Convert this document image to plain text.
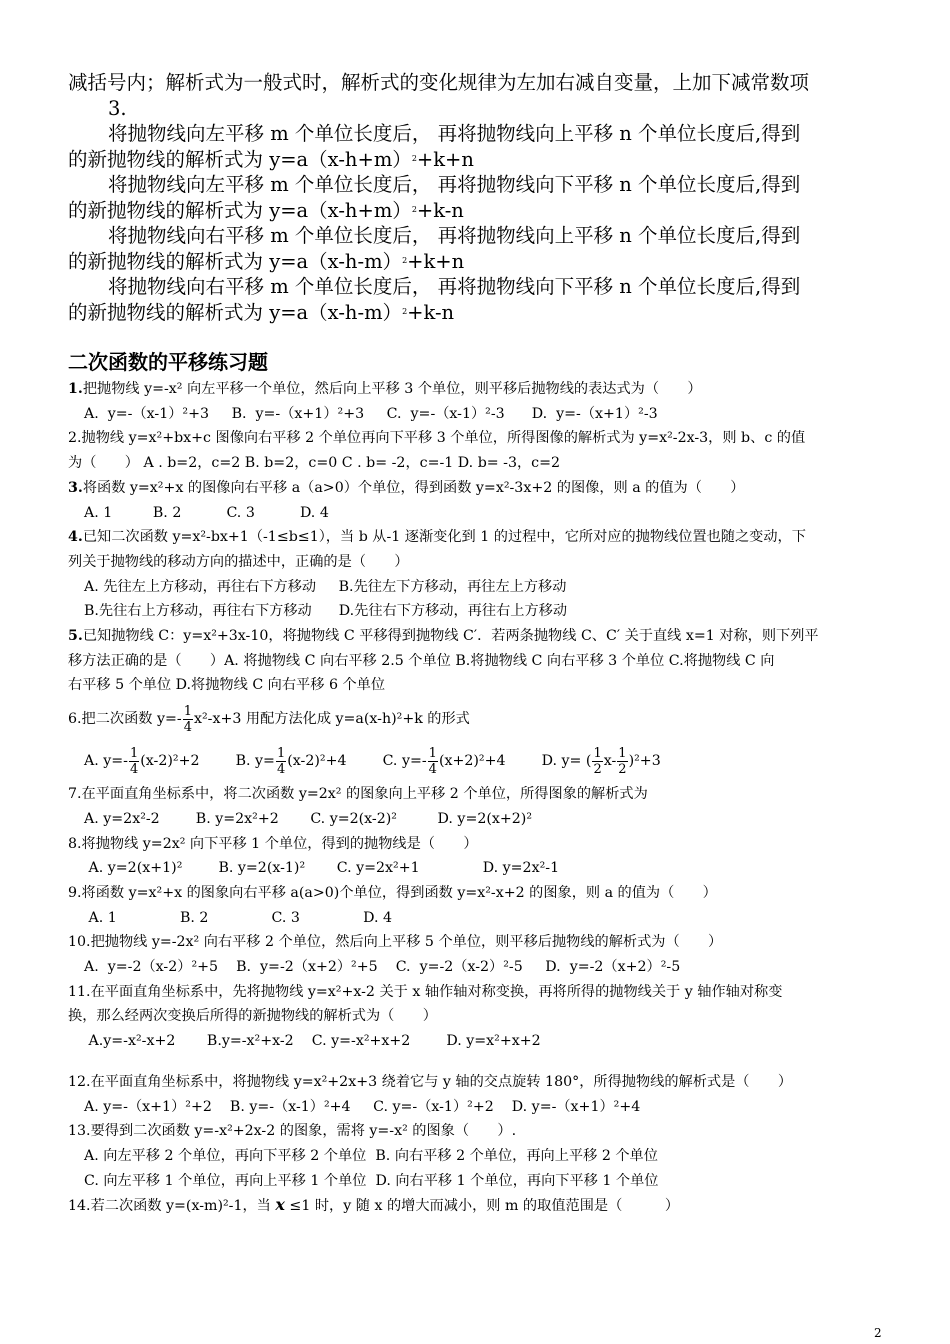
减括号内；解析式为一般式时，解析式的变化规律为左加右减自变量，上加下减常数项

3.

将抛物线向左平移 m 个单位长度后， 再将抛物线向上平移 n 个单位长度后,得到

的新抛物线的解析式为 $y=a(x-h+m)^2+k+n$

将抛物线向左平移 m 个单位长度后， 再将抛物线向下平移 n 个单位长度后,得到

的新抛物线的解析式为 $y=a(x-h+m)^2+k-n$

将抛物线向右平移 m 个单位长度后， 再将抛物线向上平移 n 个单位长度后,得到

的新抛物线的解析式为 $y=a(x-h-m)^2+k+n$

将抛物线向右平移 m 个单位长度后， 再将抛物线向下平移 n 个单位长度后,得到

的新抛物线的解析式为 $y=a(x-h-m)^2+k-n$

二次函数的平移练习题

1.把抛物线 y=-x² 向左平移一个单位，然后向上平移 3 个单位，则平移后抛物线的表达式为（　　）

A.  y=-（x-1）²+3     B.  y=-（x+1）²+3     C.  y=-（x-1）²-3      D.  y=-（x+1）²-3

2.抛物线 y=x²+bx+c 图像向右平移 2 个单位再向下平移 3 个单位，所得图像的解析式为 y=x²-2x-3，则 b、c 的值

为（　　） A . b=2，c=2 B. b=2，c=0 C . b= -2，c=-1 D. b= -3，c=2

3.将函数 y=x²+x 的图像向右平移 a（a>0）个单位，得到函数 y=x²-3x+2 的图像，则 a 的值为（　　）

A. 1         B. 2          C. 3          D. 4

4.已知二次函数 y=x²-bx+1（-1≤b≤1），当 b 从-1 逐渐变化到 1 的过程中，它所对应的抛物线位置也随之变动，下

列关于抛物线的移动方向的描述中，正确的是（　　）

A. 先往左上方移动，再往右下方移动     B.先往左下方移动，再往左上方移动

B.先往右上方移动，再往右下方移动      D.先往右下方移动，再往右上方移动

5.已知抛物线 C：y=x²+3x-10，将抛物线 C 平移得到抛物线 C′．若两条抛物线 C、C′ 关于直线 x=1 对称，则下列平

移方法正确的是（　　）A. 将抛物线 C 向右平移 2.5 个单位 B.将抛物线 C 向右平移 3 个单位 C.将抛物线 C 向

右平移 5 个单位 D.将抛物线 C 向右平移 6 个单位

6.把二次函数 $y=- \frac{1}{4} x^2-x+3$ 用配方法化成 y=a(x-h)²+k 的形式

A. $y=- \frac{1}{4} (x-2)^2+2$	B. $y= \frac{1}{4} (x-2)^2+4$	C. $y=- \frac{1}{4} (x+2)^2+4$	D. y= ( $\frac{1}{2} x- \frac{1}{2} )^2+3$

7.在平面直角坐标系中，将二次函数 y=2x² 的图象向上平移 2 个单位，所得图象的解析式为

A. y=2x²-2        B. y=2x²+2       C. y=2(x-2)²         D. y=2(x+2)²

8.将抛物线 y=2x² 向下平移 1 个单位，得到的抛物线是（　　）

A. y=2(x+1)²        B. y=2(x-1)²       C. y=2x²+1              D. y=2x²-1

9.将函数 y=x²+x 的图象向右平移 a(a>0)个单位，得到函数 y=x²-x+2 的图象，则 a 的值为（　　）

A. 1              B. 2              C. 3              D. 4

10.把抛物线 y=-2x² 向右平移 2 个单位，然后向上平移 5 个单位，则平移后抛物线的解析式为（　　）

A.  y=-2（x-2）²+5    B.  y=-2（x+2）²+5    C.  y=-2（x-2）²-5     D.  y=-2（x+2）²-5

11.在平面直角坐标系中，先将抛物线 y=x²+x-2 关于 x 轴作轴对称变换，再将所得的抛物线关于 y 轴作轴对称变

换，那么经两次变换后所得的新抛物线的解析式为（　　）

A.y=-x²-x+2       B.y=-x²+x-2    C. y=-x²+x+2        D. y=x²+x+2

12.在平面直角坐标系中，将抛物线 y=x²+2x+3 绕着它与 y 轴的交点旋转 180°，所得抛物线的解析式是（　　）

A. y=-（x+1）²+2    B. y=-（x-1）²+4     C. y=-（x-1）²+2    D. y=-（x+1）²+4

13.要得到二次函数 y=-x²+2x-2 的图象，需将 y=-x² 的图象（　　）.

A. 向左平移 2 个单位，再向下平移 2 个单位  B. 向右平移 2 个单位，再向上平移 2 个单位

C. 向左平移 1 个单位，再向上平移 1 个单位  D. 向右平移 1 个单位，再向下平移 1 个单位

14.若二次函数 y=(x-m)²-1，当 x ≤1 时，y 随 x 的增大而减小，则 m 的取值范围是（　　　）

2
